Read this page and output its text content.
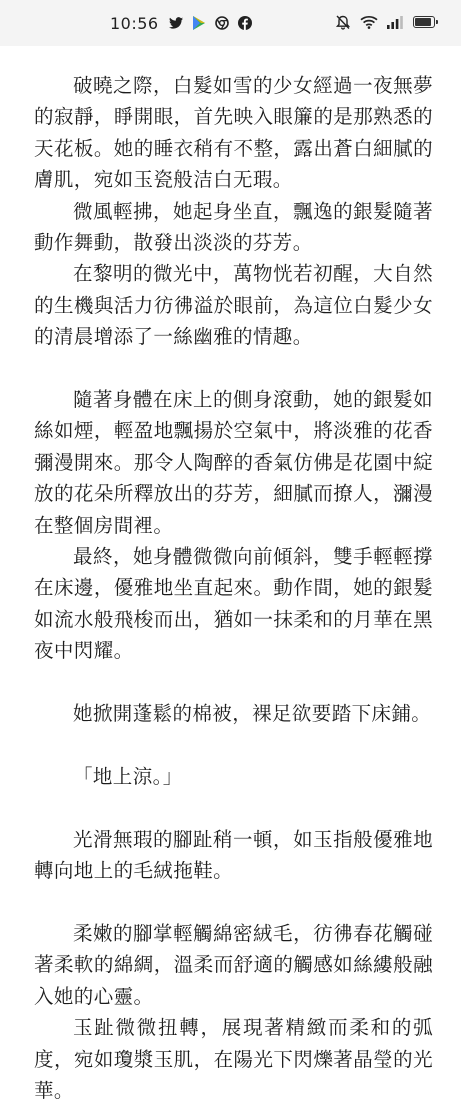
10:56

破曉之際，白髮如雪的少女經過一夜無夢的寂靜，睜開眼，首先映入眼簾的是那熟悉的天花板。她的睡衣稍有不整，露出蒼白細膩的膚肌，宛如玉瓷般洁白无瑕。

微風輕拂，她起身坐直，飄逸的銀髮隨著動作舞動，散發出淡淡的芬芳。

在黎明的微光中，萬物恍若初醒，大自然的生機與活力彷彿溢於眼前，為這位白髮少女的清晨增添了一絲幽雅的情趣。

隨著身體在床上的側身滾動，她的銀髮如絲如煙，輕盈地飄揚於空氣中，將淡雅的花香彌漫開來。那令人陶醉的香氣仿佛是花園中綻放的花朵所釋放出的芬芳，細膩而撩人，瀰漫在整個房間裡。

最終，她身體微微向前傾斜，雙手輕輕撐在床邊，優雅地坐直起來。動作間，她的銀髮如流水般飛梭而出，猶如一抹柔和的月華在黑夜中閃耀。

她掀開蓬鬆的棉被，裸足欲要踏下床鋪。

「地上涼。」

光滑無瑕的腳趾稍一頓，如玉指般優雅地轉向地上的毛絨拖鞋。

柔嫩的腳掌輕觸綿密絨毛，彷彿春花觸碰著柔軟的綿綢，溫柔而舒適的觸感如絲縷般融入她的心靈。

玉趾微微扭轉，展現著精緻而柔和的弧度，宛如瓊漿玉肌，在陽光下閃爍著晶瑩的光華。
